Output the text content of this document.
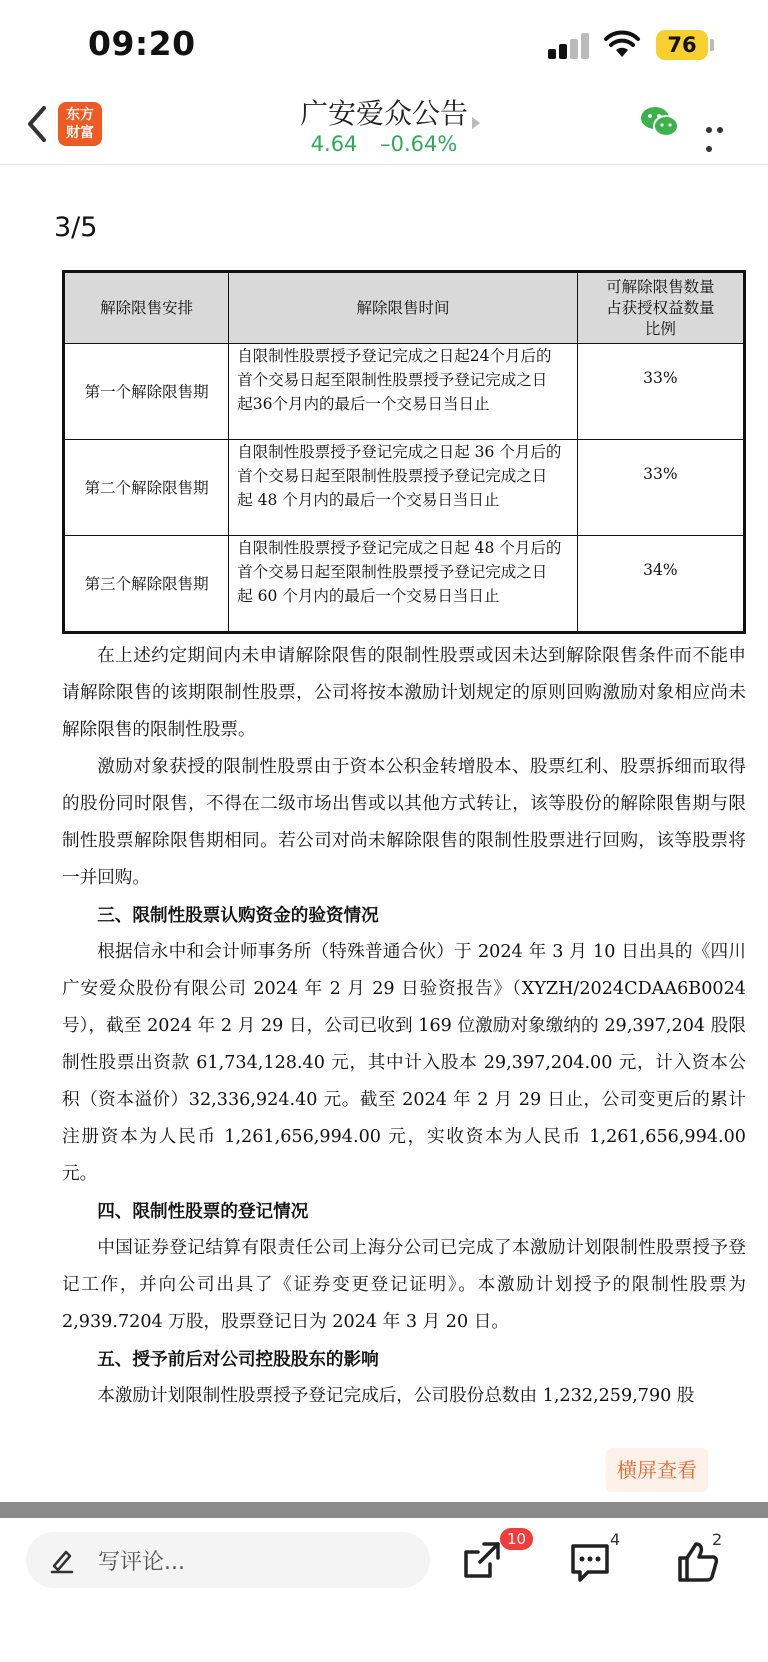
09:20	76
东方
财富
广安爱众公告
4.64 –0.64%
3/5
解除限售安排	解除限售时间	可解除限售数量
占获授权益数量
比例

第一个解除限售期	自限制性股票授予登记完成之日起24个月后的
首个交易日起至限制性股票授予登记完成之日
起36个月内的最后一个交易日当日止	33%
第二个解除限售期	自限制性股票授予登记完成之日起 36 个月后的
首个交易日起至限制性股票授予登记完成之日
起 48 个月内的最后一个交易日当日止	33%
第三个解除限售期	自限制性股票授予登记完成之日起 48 个月后的
首个交易日起至限制性股票授予登记完成之日
起 60 个月内的最后一个交易日当日止	34%

在上述约定期间内未申请解除限售的限制性股票或因未达到解除限售条件而不能申请解除限售的该期限制性股票，公司将按本激励计划规定的原则回购激励对象相应尚未解除限售的限制性股票。

激励对象获授的限制性股票由于资本公积金转增股本、股票红利、股票拆细而取得的股份同时限售，不得在二级市场出售或以其他方式转让，该等股份的解除限售期与限制性股票解除限售期相同。若公司对尚未解除限售的限制性股票进行回购，该等股票将一并回购。

三、限制性股票认购资金的验资情况

根据信永中和会计师事务所（特殊普通合伙）于 2024 年 3 月 10 日出具的《四川广安爱众股份有限公司 2024 年 2 月 29 日验资报告》（XYZH/2024CDAA6B0024 号），截至 2024 年 2 月 29 日，公司已收到 169 位激励对象缴纳的 29,397,204 股限制性股票出资款 61,734,128.40 元，其中计入股本 29,397,204.00 元，计入资本公积（资本溢价）32,336,924.40 元。截至 2024 年 2 月 29 日止，公司变更后的累计注册资本为人民币 1,261,656,994.00 元，实收资本为人民币 1,261,656,994.00 元。

四、限制性股票的登记情况

中国证券登记结算有限责任公司上海分公司已完成了本激励计划限制性股票授予登记工作，并向公司出具了《证券变更登记证明》。本激励计划授予的限制性股票为 2,939.7204 万股，股票登记日为 2024 年 3 月 20 日。

五、授予前后对公司控股股东的影响

本激励计划限制性股票授予登记完成后，公司股份总数由 1,232,259,790 股

横屏查看
写评论...
10	4	2
